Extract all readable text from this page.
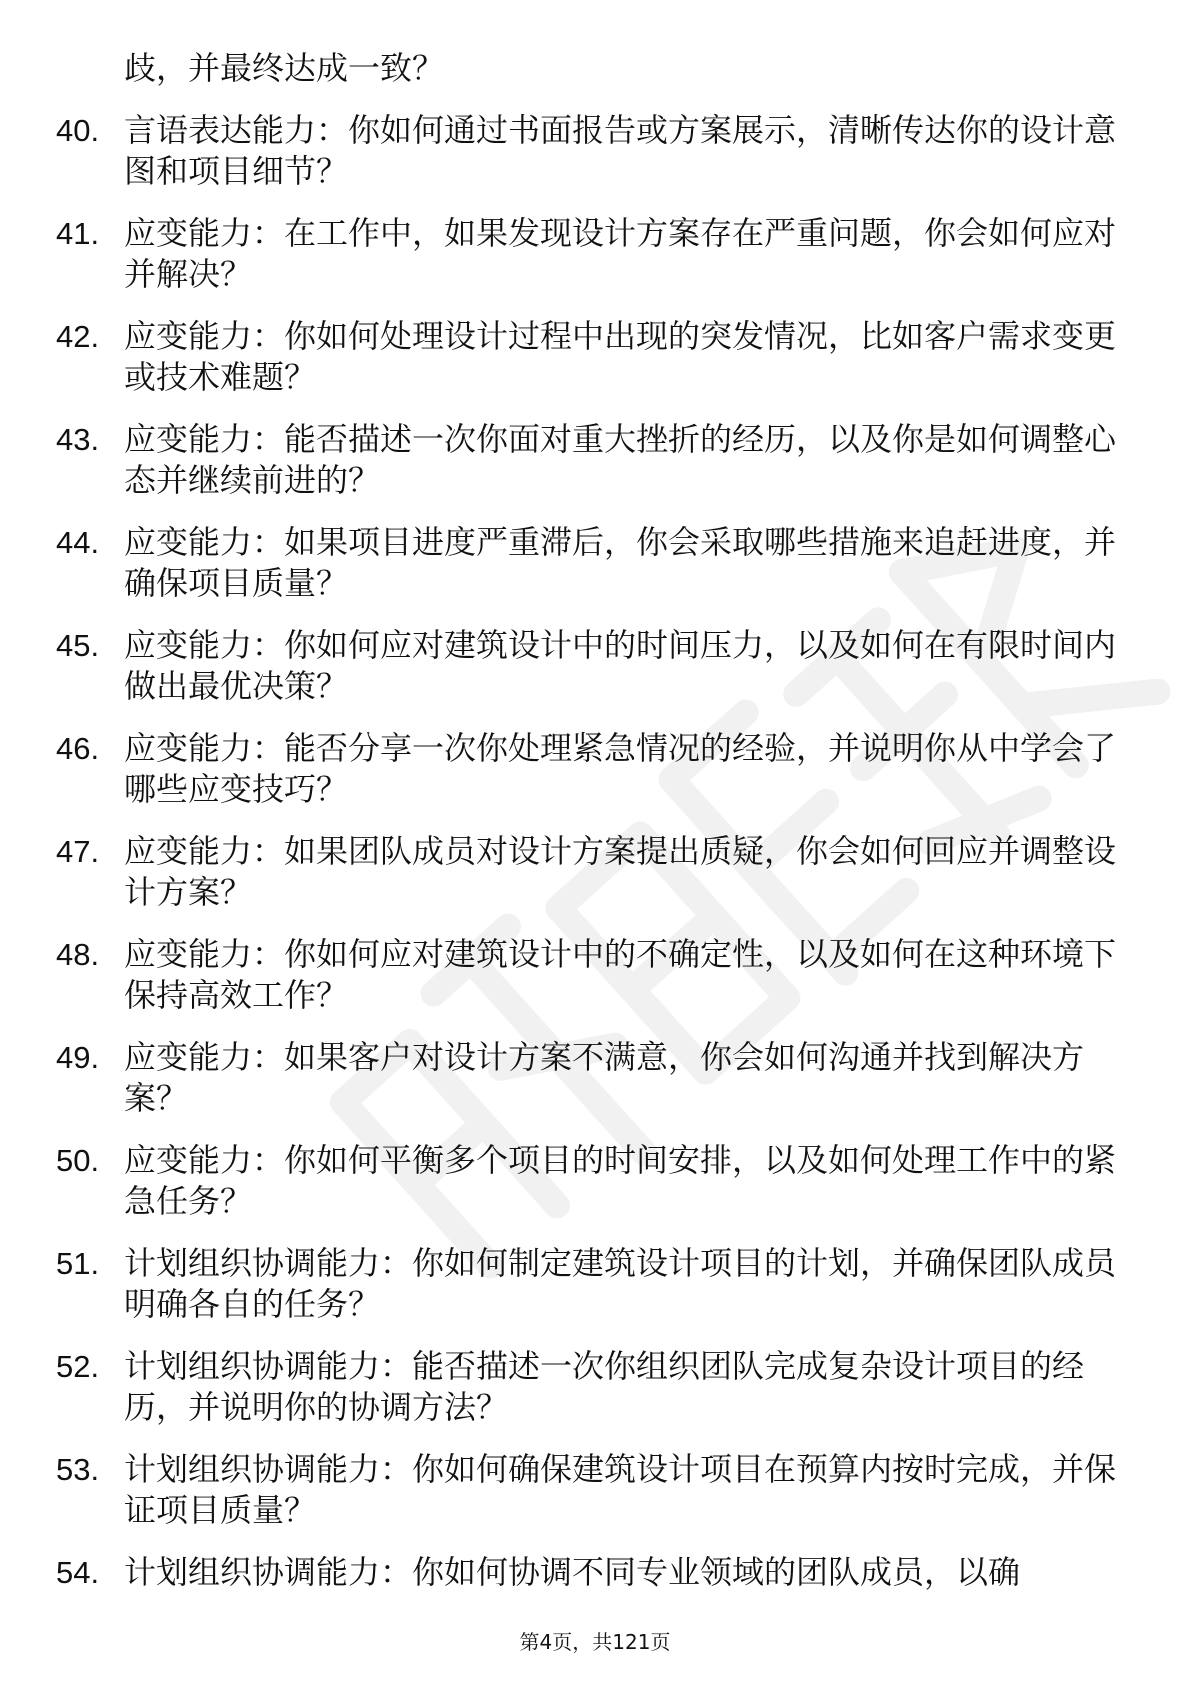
歧，并最终达成一致？
40. 言语表达能力：你如何通过书面报告或方案展示，清晰传达你的设计意图和项目细节？
41. 应变能力：在工作中，如果发现设计方案存在严重问题，你会如何应对并解决？
42. 应变能力：你如何处理设计过程中出现的突发情况，比如客户需求变更或技术难题？
43. 应变能力：能否描述一次你面对重大挫折的经历，以及你是如何调整心态并继续前进的？
44. 应变能力：如果项目进度严重滞后，你会采取哪些措施来追赶进度，并确保项目质量？
45. 应变能力：你如何应对建筑设计中的时间压力，以及如何在有限时间内做出最优决策？
46. 应变能力：能否分享一次你处理紧急情况的经验，并说明你从中学会了哪些应变技巧？
47. 应变能力：如果团队成员对设计方案提出质疑，你会如何回应并调整设计方案？
48. 应变能力：你如何应对建筑设计中的不确定性，以及如何在这种环境下保持高效工作？
49. 应变能力：如果客户对设计方案不满意，你会如何沟通并找到解决方案？
50. 应变能力：你如何平衡多个项目的时间安排，以及如何处理工作中的紧急任务？
51. 计划组织协调能力：你如何制定建筑设计项目的计划，并确保团队成员明确各自的任务？
52. 计划组织协调能力：能否描述一次你组织团队完成复杂设计项目的经历，并说明你的协调方法？
53. 计划组织协调能力：你如何确保建筑设计项目在预算内按时完成，并保证项目质量？
54. 计划组织协调能力：你如何协调不同专业领域的团队成员，以确
第4页，共121页
